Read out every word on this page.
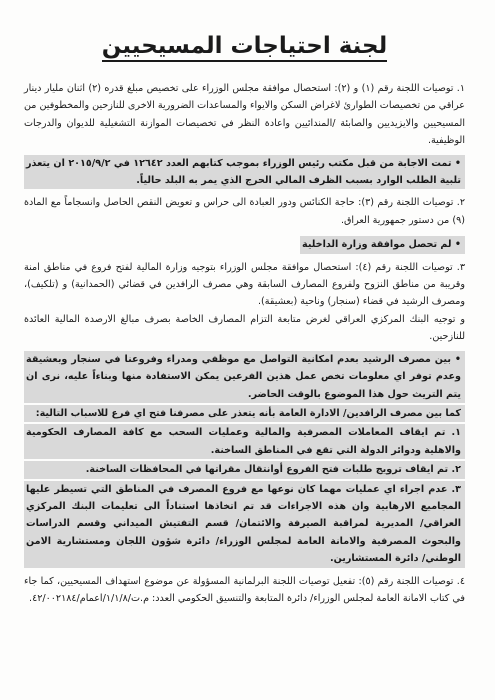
لجنة احتياجات المسيحيين

١. توصيات اللجنة رقم (١) و (٢): استحصال موافقة مجلس الوزراء على تخصيص مبلغ قدره (٢) اثنان مليار دينار عراقي من تخصيصات الطوارئ لاغراض السكن والايواء والمساعدات الضرورية الاخرى للنازحين والمخطوفين من المسيحيين والايزيديين والصابئة /المندائيين واعادة النظر في تخصيصات الموازنة التشغيلية للديوان والدرجات الوظيفية.

• تمت الاجابة من قبل مكتب رئيس الوزراء بموجب كتابهم العدد ١٢٦٤٢ في ٢٠١٥/٩/٢ ان يتعذر تلبية الطلب الوارد بسبب الظرف المالي الحرج الذي يمر به البلد حالياً.

٢. توصيات اللجنة رقم (٣): حاجة الكنائس ودور العبادة الى حراس و تعويض النقص الحاصل وانسجاماً مع المادة (٩) من دستور جمهورية العراق.

• لم تحصل موافقة وزارة الداخلية

٣. توصيات اللجنة رقم (٤): استحصال موافقة مجلس الوزراء بتوجيه وزارة المالية لفتح فروع في مناطق امنة وقريبة من مناطق النزوح ولفروع المصارف السابقة وهي مصرف الرافدين في قضائي (الحمدانية) و (تلكيف)، ومصرف الرشيد في قضاء (سنجار) وناحية (بعشيقة).

و توجيه البنك المركزي العراقي لغرض متابعة التزام المصارف الخاصة بصرف مبالغ الارصدة المالية العائدة للنازحين.

• بين مصرف الرشيد بعدم امكانية التواصل مع موظفي ومدراء وفروعنا في سنجار وبعشيقة وعدم توفر اي معلومات تخص عمل هذين الفرعين يمكن الاستفادة منها وبناءاً عليه، نرى ان يتم التريث حول هذا الموضوع بالوقت الحاضر.

كما بين مصرف الرافدين/ الادارة العامة بأنه يتعذر على مصرفنا فتح اي فرع للاسباب التالية:

١. تم ايقاف المعاملات المصرفية والمالية وعمليات السحب مع كافة المصارف الحكومية والاهلية ودوائر الدولة التي تقع في المناطق الساخنة.

٢. تم ايقاف ترويج طلبات فتح الفروع أوانتقال مقراتها في المحافظات الساخنة.

٣. عدم اجراء اي عمليات مهما كان نوعها مع فروع المصرف في المناطق التي تسيطر عليها المجاميع الارهابية وان هذه الاجراءات قد تم اتخاذها استناداً الى تعليمات البنك المركزي العراقي/ المديرية لمراقبة الصيرفة والائتمان/ قسم التفتيش الميداني وقسم الدراسات والبحوث المصرفية والامانة العامة لمجلس الوزراء/ دائرة شؤون اللجان ومستشارية الامن الوطني/ دائرة المستشارين.

٤. توصيات اللجنة رقم (٥): تفعيل توصيات اللجنة البرلمانية المسؤولة عن موضوع استهداف المسيحيين، كما جاء في كتاب الامانة العامة لمجلس الوزراء/ دائرة المتابعة والتنسيق الحكومي العدد: م.ت/١/١/٨/اعمام/٤٢/٠٠٢١٨٤.
